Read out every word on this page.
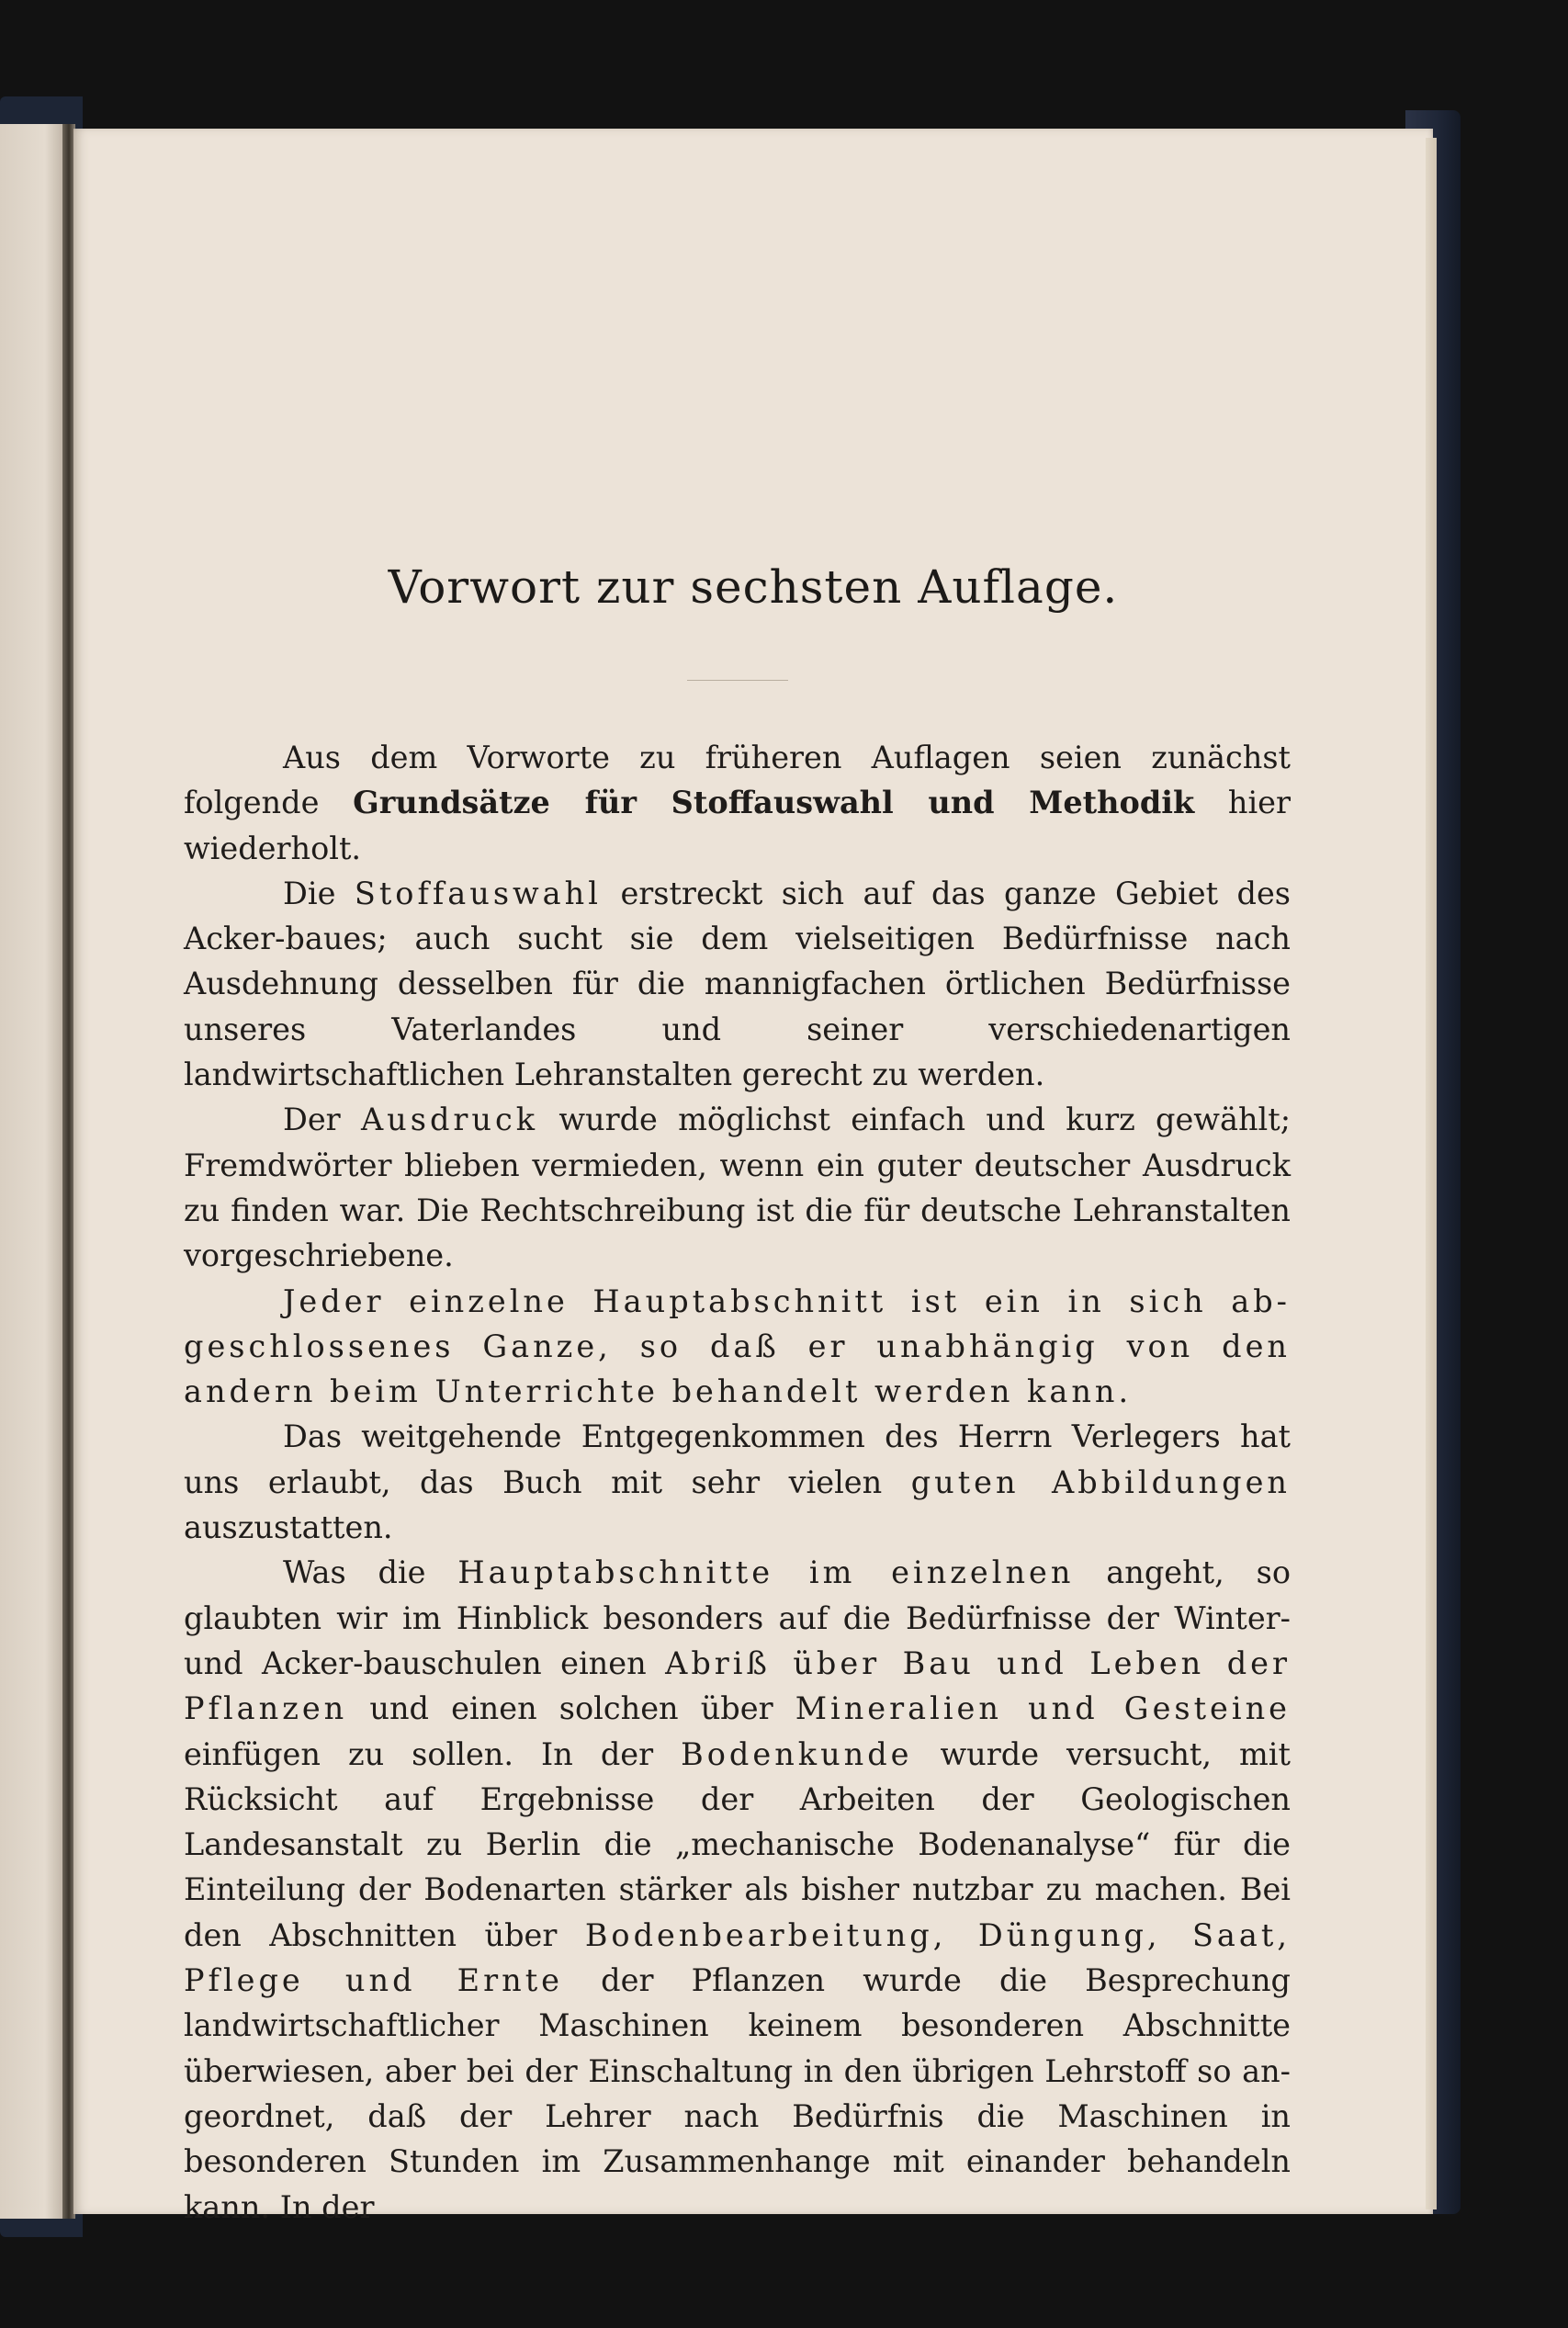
Vorwort zur sechsten Auflage.

Aus dem Vorworte zu früheren Auflagen seien zunächst folgende Grundsätze für Stoffauswahl und Methodik hier wiederholt.

Die Stoffauswahl erstreckt sich auf das ganze Gebiet des Acker-baues; auch sucht sie dem vielseitigen Bedürfnisse nach Ausdehnung desselben für die mannigfachen örtlichen Bedürfnisse unseres Vaterlandes und seiner verschiedenartigen landwirtschaftlichen Lehranstalten gerecht zu werden.

Der Ausdruck wurde möglichst einfach und kurz gewählt; Fremdwörter blieben vermieden, wenn ein guter deutscher Ausdruck zu finden war. Die Rechtschreibung ist die für deutsche Lehranstalten vorgeschriebene.

Jeder einzelne Hauptabschnitt ist ein in sich ab-geschlossenes Ganze, so daß er unabhängig von den andern beim Unterrichte behandelt werden kann.

Das weitgehende Entgegenkommen des Herrn Verlegers hat uns erlaubt, das Buch mit sehr vielen guten Abbildungen auszustatten.

Was die Hauptabschnitte im einzelnen angeht, so glaubten wir im Hinblick besonders auf die Bedürfnisse der Winter- und Acker-bauschulen einen Abriß über Bau und Leben der Pflanzen und einen solchen über Mineralien und Gesteine einfügen zu sollen. In der Bodenkunde wurde versucht, mit Rücksicht auf Ergebnisse der Arbeiten der Geologischen Landesanstalt zu Berlin die „mechanische Bodenanalyse“ für die Einteilung der Bodenarten stärker als bisher nutzbar zu machen. Bei den Abschnitten über Bodenbearbeitung, Düngung, Saat, Pflege und Ernte der Pflanzen wurde die Besprechung landwirtschaftlicher Maschinen keinem besonderen Abschnitte überwiesen, aber bei der Einschaltung in den übrigen Lehrstoff so an-geordnet, daß der Lehrer nach Bedürfnis die Maschinen in besonderen Stunden im Zusammenhange mit einander behandeln kann. In der
